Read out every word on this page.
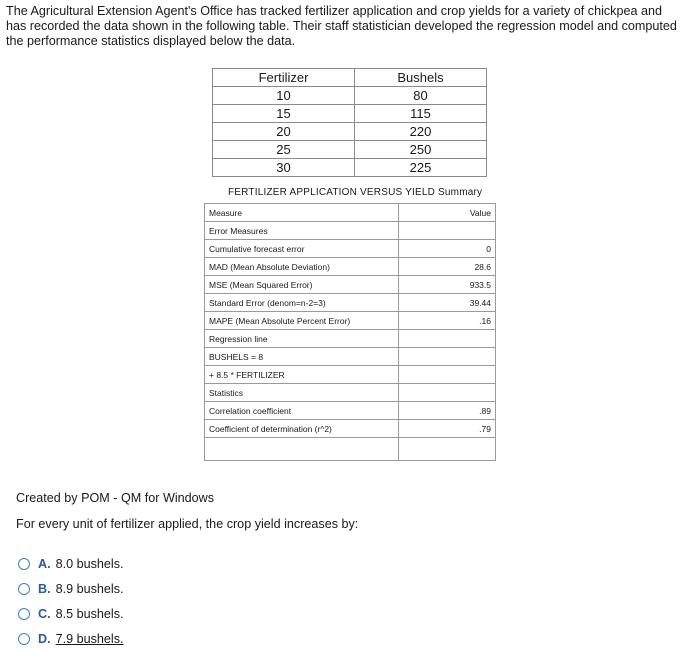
The Agricultural Extension Agent's Office has tracked fertilizer application and crop yields for a variety of chickpea and

has recorded the data shown in the following table. Their staff statistician developed the regression model and computed

the performance statistics displayed below the data.

Fertilizer	Bushels
10	80
15	115
20	220
25	250
30	225
FERTILIZER APPLICATION VERSUS YIELD Summary
Measure	Value
Error Measures	
Cumulative forecast error	0
MAD (Mean Absolute Deviation)	28.6
MSE (Mean Squared Error)	933.5
Standard Error (denom=n-2=3)	39.44
MAPE (Mean Absolute Percent Error)	.16
Regression line	
BUSHELS = 8	
+ 8.5 * FERTILIZER	
Statistics	
Correlation coefficient	.89
Coefficient of determination (r^2)	.79

Created by POM - QM for Windows
For every unit of fertilizer applied, the crop yield increases by:
A. 8.0 bushels.
B. 8.9 bushels.
C. 8.5 bushels.
D. 7.9 bushels.
